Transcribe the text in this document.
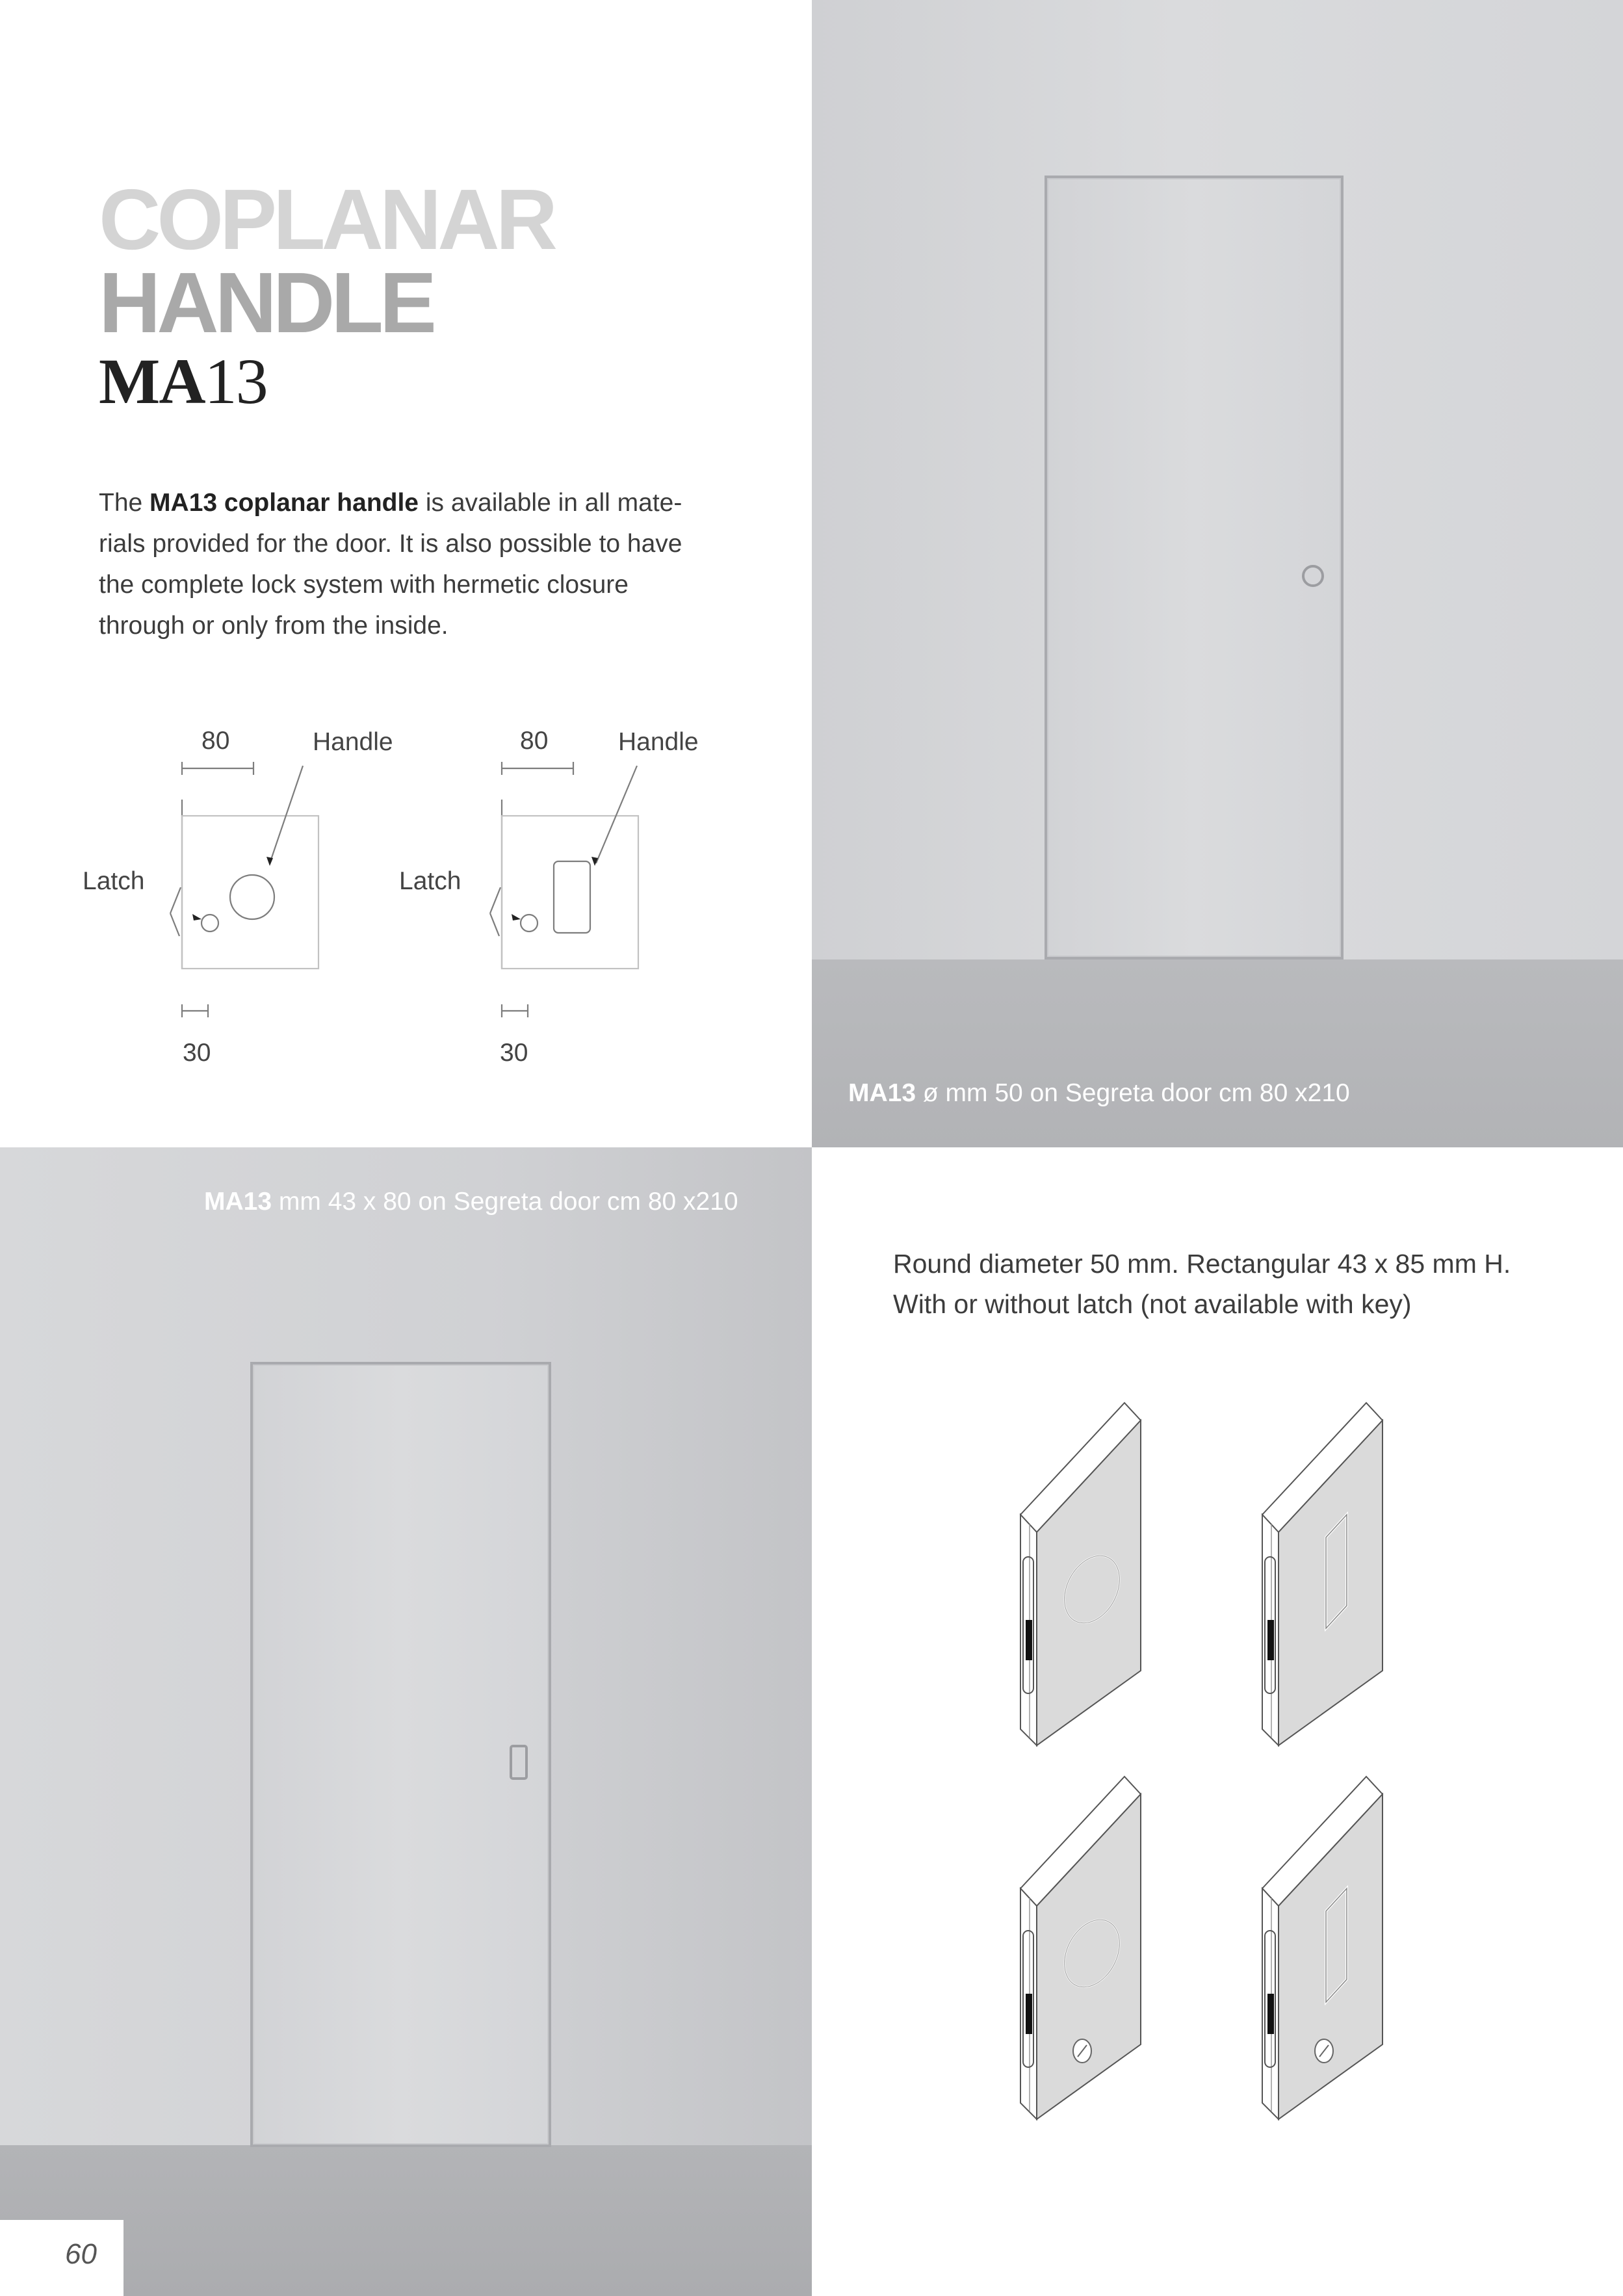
COPLANAR
HANDLE
MA13
The MA13 coplanar handle is available in all mate-
rials provided for the door. It is also possible to have
the complete lock system with hermetic closure
through or only from the inside.
80	Handle
Latch
30
80	Handle
Latch
30
MA13 ø mm 50 on Segreta door cm 80 x210
MA13 mm 43 x 80 on Segreta door cm 80 x210
Round diameter 50 mm. Rectangular 43 x 85 mm H.
With or without latch (not available with key)
60
